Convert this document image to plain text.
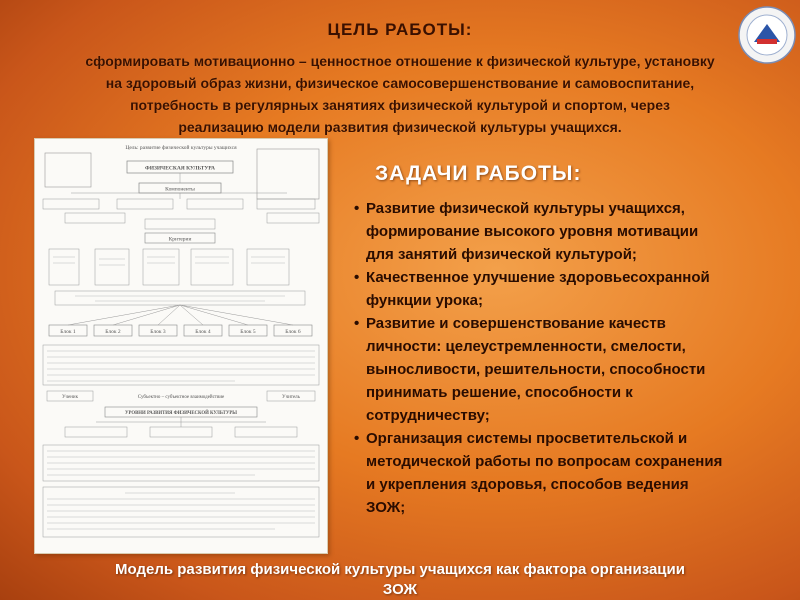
ЦЕЛЬ РАБОТЫ:
сформировать мотивационно – ценностное отношение к физической культуре, установку
на здоровый образ жизни, физическое самосовершенствование и самовоспитание,
потребность в регулярных занятиях физической культурой и спортом, через
реализацию модели развития физической культуры учащихся.
Цель: развитие физической культуры учащихся
ФИЗИЧЕСКАЯ КУЛЬТУРА
Компоненты
Критерии
Блок 1	Блок 2	Блок 3	Блок 4	Блок 5	Блок 6
Ученик	Субъектно – субъектное взаимодействие	Учитель
УРОВНИ РАЗВИТИЯ ФИЗИЧЕСКОЙ КУЛЬТУРЫ
ЗАДАЧИ РАБОТЫ:
• Развитие физической культуры учащихся,
формирование высокого уровня мотивации
для занятий физической культурой;
• Качественное улучшение здоровьесохранной
функции урока;
• Развитие и совершенствование качеств
личности: целеустремленности, смелости,
выносливости, решительности, способности
принимать решение, способности к
сотрудничеству;
• Организация системы просветительской и
методической работы по вопросам сохранения
и укрепления здоровья, способов ведения
ЗОЖ;
Модель развития физической культуры учащихся как фактора организации
ЗОЖ
